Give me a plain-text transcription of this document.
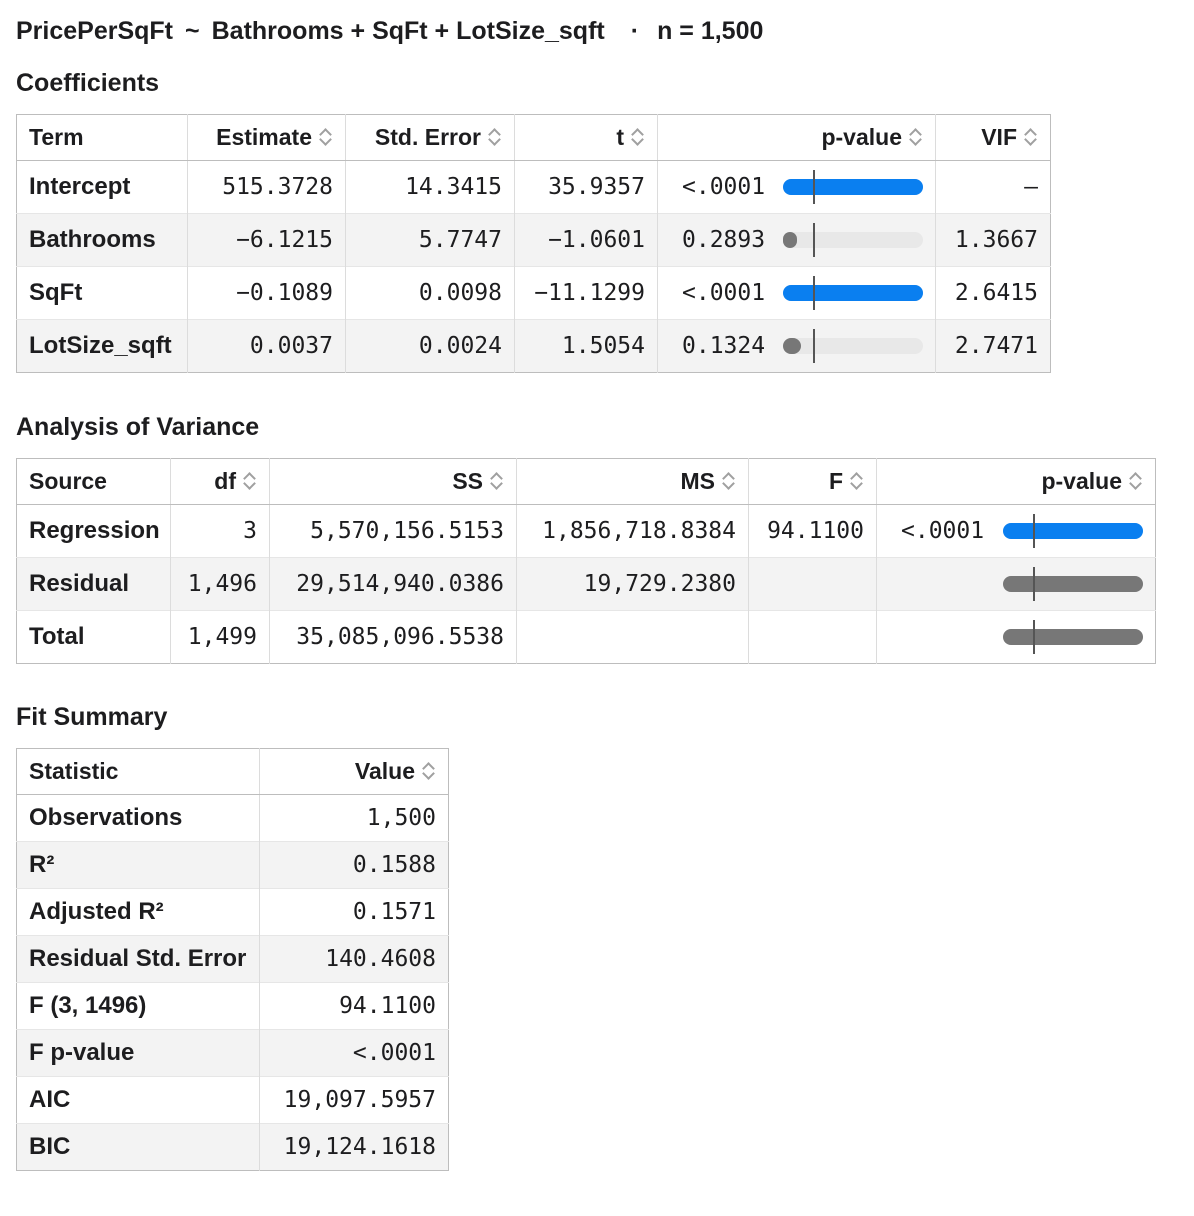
PricePerSqFt ~ Bathrooms + SqFt + LotSize_sqft · n = 1,500
Coefficients
Term	Estimate	Std. Error	t	p-value	VIF
Intercept	515.3728	14.3415	35.9357	<.0001	–
Bathrooms	−6.1215	5.7747	−1.0601	0.2893	1.3667
SqFt	−0.1089	0.0098	−11.1299	<.0001	2.6415
LotSize_sqft	0.0037	0.0024	1.5054	0.1324	2.7471
Analysis of Variance
Source	df	SS	MS	F	p-value
Regression	3	5,570,156.5153	1,856,718.8384	94.1100	<.0001

Residual	1,496	29,514,940.0386	19,729.2380		

Total	1,499	35,085,096.5538			
Fit Summary
Statistic	Value
Observations	1,500
R²	0.1588
Adjusted R²	0.1571
Residual Std. Error	140.4608
F (3, 1496)	94.1100
F p-value	<.0001
AIC	19,097.5957
BIC	19,124.1618
